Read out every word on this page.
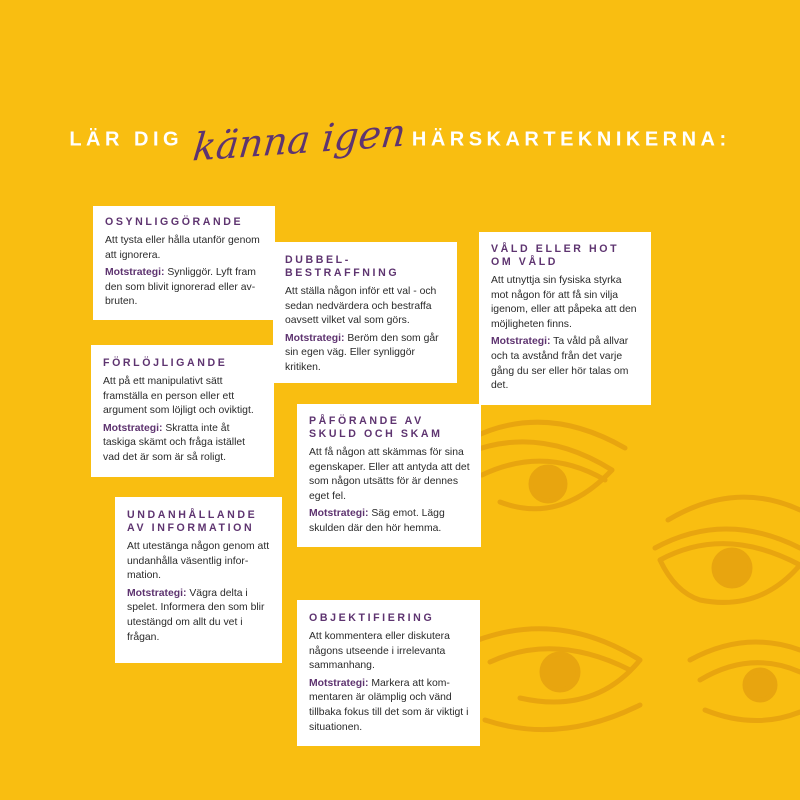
LÄR DIG känna igen HÄRSKARTEKNIKERNA:
OSYNLIGGÖRANDE

Att tysta eller hålla utanför genom att ignorera.

Motstrategi: Synliggör. Lyft fram den som blivit ignorerad eller av-bruten.

DUBBEL-BESTRAFFNING

Att ställa någon inför ett val - och sedan nedvärdera och bestraffa oavsett vilket val som görs.

Motstrategi: Beröm den som går sin egen väg. Eller synliggör kritiken.

VÅLD ELLER HOT OM VÅLD

Att utnyttja sin fysiska styrka mot någon för att få sin vilja igenom, eller att påpeka att den möjligheten finns.

Motstrategi: Ta våld på allvar och ta avstånd från det varje gång du ser eller hör talas om det.

FÖRLÖJLIGANDE

Att på ett manipulativt sätt framställa en person eller ett argument som löjligt och oviktigt.

Motstrategi: Skratta inte åt taskiga skämt och fråga istället vad det är som är så roligt.

PÅFÖRANDE AV SKULD OCH SKAM

Att få någon att skämmas för sina egenskaper. Eller att antyda att det som någon utsätts för är dennes eget fel.

Motstrategi: Säg emot. Lägg skulden där den hör hemma.

UNDANHÅLLANDE AV INFORMATION

Att utestänga någon genom att undanhålla väsentlig infor-mation.

Motstrategi: Vägra delta i spelet. Informera den som blir utestängd om allt du vet i frågan.

OBJEKTIFIERING

Att kommentera eller diskutera någons utseende i irrelevanta sammanhang.

Motstrategi: Markera att kom-mentaren är olämplig och vänd tillbaka fokus till det som är viktigt i situationen.
